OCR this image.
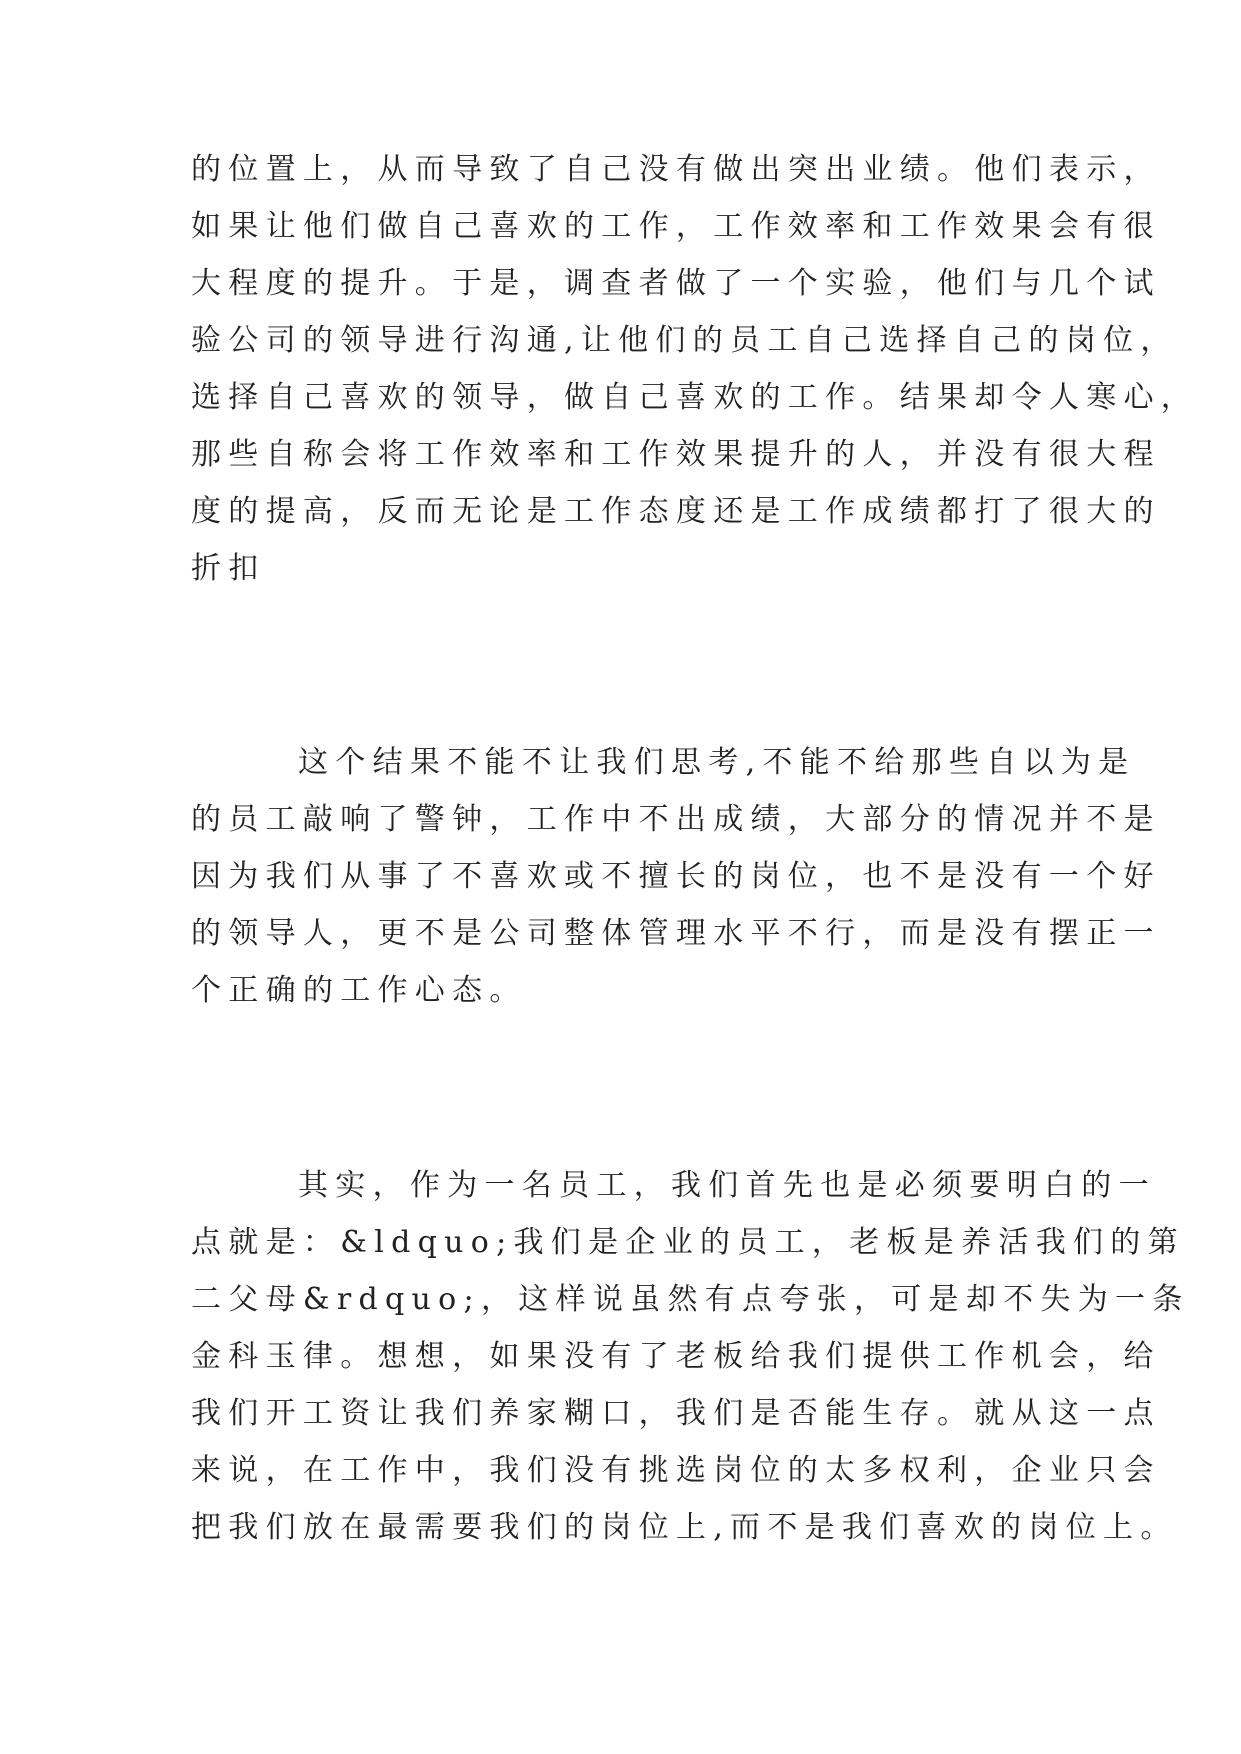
的位置上，从而导致了自己没有做出突出业绩。他们表示，
如果让他们做自己喜欢的工作，工作效率和工作效果会有很
大程度的提升。于是，调查者做了一个实验，他们与几个试
验公司的领导进行沟通,让他们的员工自己选择自己的岗位，
选择自己喜欢的领导，做自己喜欢的工作。结果却令人寒心，
那些自称会将工作效率和工作效果提升的人，并没有很大程
度的提高，反而无论是工作态度还是工作成绩都打了很大的
折扣
这个结果不能不让我们思考,不能不给那些自以为是
的员工敲响了警钟，工作中不出成绩，大部分的情况并不是
因为我们从事了不喜欢或不擅长的岗位，也不是没有一个好
的领导人，更不是公司整体管理水平不行，而是没有摆正一
个正确的工作心态。
其实，作为一名员工，我们首先也是必须要明白的一
点就是：&ldquo;我们是企业的员工，老板是养活我们的第
二父母&rdquo;，这样说虽然有点夸张，可是却不失为一条
金科玉律。想想，如果没有了老板给我们提供工作机会，给
我们开工资让我们养家糊口，我们是否能生存。就从这一点
来说，在工作中，我们没有挑选岗位的太多权利，企业只会
把我们放在最需要我们的岗位上,而不是我们喜欢的岗位上。
